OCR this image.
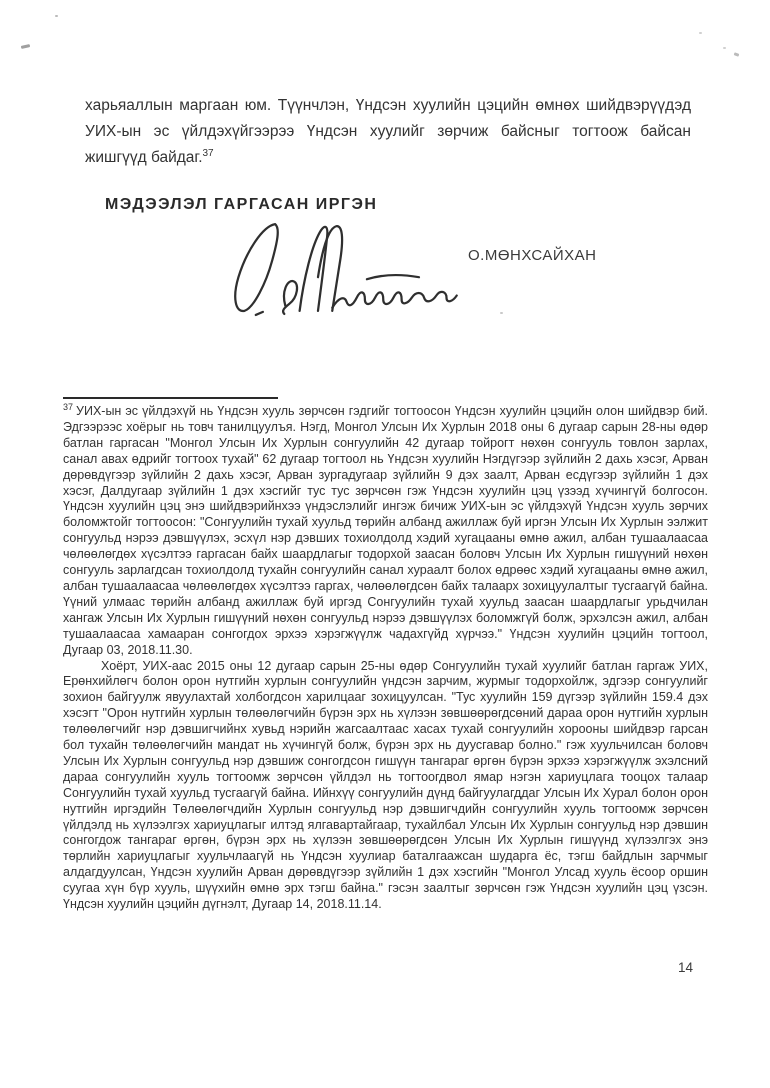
харьяаллын маргаан юм. Түүнчлэн, Үндсэн хуулийн цэцийн өмнөх шийдвэрүүдэд УИХ-ын эс үйлдэхүйгээрээ Үндсэн хуулийг зөрчиж байсныг тогтоож байсан жишгүүд байдаг.$^{37}$
МЭДЭЭЛЭЛ ГАРГАСАН ИРГЭН
О.МӨНХСАЙХАН
$^{37}$ УИХ-ын эс үйлдэхүй нь Үндсэн хууль зөрчсөн гэдгийг тогтоосон Үндсэн хуулийн цэцийн олон шийдвэр бий. Эдгээрээс хоёрыг нь товч танилцуулъя. Нэгд, Монгол Улсын Их Хурлын 2018 оны 6 дугаар сарын 28-ны өдөр батлан гаргасан "Монгол Улсын Их Хурлын сонгуулийн 42 дугаар тойрогт нөхөн сонгууль товлон зарлах, санал авах өдрийг тогтоох тухай" 62 дугаар тогтоол нь Үндсэн хуулийн Нэгдүгээр зүйлийн 2 дахь хэсэг, Арван дөрөвдүгээр зүйлийн 2 дахь хэсэг, Арван зургадугаар зүйлийн 9 дэх заалт, Арван есдүгээр зүйлийн 1 дэх хэсэг, Далдугаар зүйлийн 1 дэх хэсгийг тус тус зөрчсөн гэж Үндсэн хуулийн цэц үзээд хүчингүй болгосон. Үндсэн хуулийн цэц энэ шийдвэрийнхээ үндэслэлийг ингэж бичиж УИХ-ын эс үйлдэхүй Үндсэн хууль зөрчих боломжтойг тогтоосон: "Сонгуулийн тухай хуульд төрийн албанд ажиллаж буй иргэн Улсын Их Хурлын ээлжит сонгуульд нэрээ дэвшүүлэх, эсхүл нэр дэвших тохиолдолд хэдий хугацааны өмнө ажил, албан тушаалаасаа чөлөөлөгдөх хүсэлтээ гаргасан байх шаардлагыг тодорхой заасан боловч Улсын Их Хурлын гишүүний нөхөн сонгууль зарлагдсан тохиолдолд тухайн сонгуулийн санал хураалт болох өдрөөс хэдий хугацааны өмнө ажил, албан тушаалаасаа чөлөөлөгдөх хүсэлтээ гаргах, чөлөөлөгдсөн байх талаарх зохицуулалтыг тусгаагүй байна. Үүний улмаас төрийн албанд ажиллаж буй иргэд Сонгуулийн тухай хуульд заасан шаардлагыг урьдчилан хангаж Улсын Их Хурлын гишүүний нөхөн сонгуульд нэрээ дэвшүүлэх боломжгүй болж, эрхэлсэн ажил, албан тушаалаасаа хамааран сонгогдох эрхээ хэрэгжүүлж чадахгүйд хүрчээ." Үндсэн хуулийн цэцийн тогтоол, Дугаар 03, 2018.11.30.
Хоёрт, УИХ-аас 2015 оны 12 дугаар сарын 25-ны өдөр Сонгуулийн тухай хуулийг батлан гаргаж УИХ, Ерөнхийлөгч болон орон нутгийн хурлын сонгуулийн үндсэн зарчим, журмыг тодорхойлж, эдгээр сонгуулийг зохион байгуулж явуулахтай холбогдсон харилцааг зохицуулсан. "Тус хуулийн 159 дүгээр зүйлийн 159.4 дэх хэсэгт "Орон нутгийн хурлын төлөөлөгчийн бүрэн эрх нь хүлээн зөвшөөрөгдсөний дараа орон нутгийн хурлын төлөөлөгчийг нэр дэвшигчийнх хувьд нэрийн жагсаалтаас хасах тухай сонгуулийн хорооны шийдвэр гарсан бол тухайн төлөөлөгчийн мандат нь хүчингүй болж, бүрэн эрх нь дуусгавар болно." гэж хуульчилсан боловч Улсын Их Хурлын сонгуульд нэр дэвшиж сонгогдсон гишүүн тангараг өргөн бүрэн эрхээ хэрэгжүүлж эхэлсний дараа сонгуулийн хууль тогтоомж зөрчсөн үйлдэл нь тогтоогдвол ямар нэгэн хариуцлага тооцох талаар Сонгуулийн тухай хуульд тусгаагүй байна. Ийнхүү сонгуулийн дүнд байгуулагддаг Улсын Их Хурал болон орон нутгийн иргэдийн Төлөөлөгчдийн Хурлын сонгуульд нэр дэвшигчдийн сонгуулийн хууль тогтоомж зөрчсөн үйлдэлд нь хүлээлгэх хариуцлагыг илтэд ялгавартайгаар, тухайлбал Улсын Их Хурлын сонгуульд нэр дэвшин сонгогдож тангараг өргөн, бүрэн эрх нь хүлээн зөвшөөрөгдсөн Улсын Их Хурлын гишүүнд хүлээлгэх энэ төрлийн хариуцлагыг хуульчлаагүй нь Үндсэн хуулиар баталгаажсан шударга ёс, тэгш байдлын зарчмыг алдагдуулсан, Үндсэн хуулийн Арван дөрөвдүгээр зүйлийн 1 дэх хэсгийн "Монгол Улсад хууль ёсоор оршин суугаа хүн бүр хууль, шүүхийн өмнө эрх тэгш байна." гэсэн заалтыг зөрчсөн гэж Үндсэн хуулийн цэц үзсэн. Үндсэн хуулийн цэцийн дүгнэлт, Дугаар 14, 2018.11.14.
14
